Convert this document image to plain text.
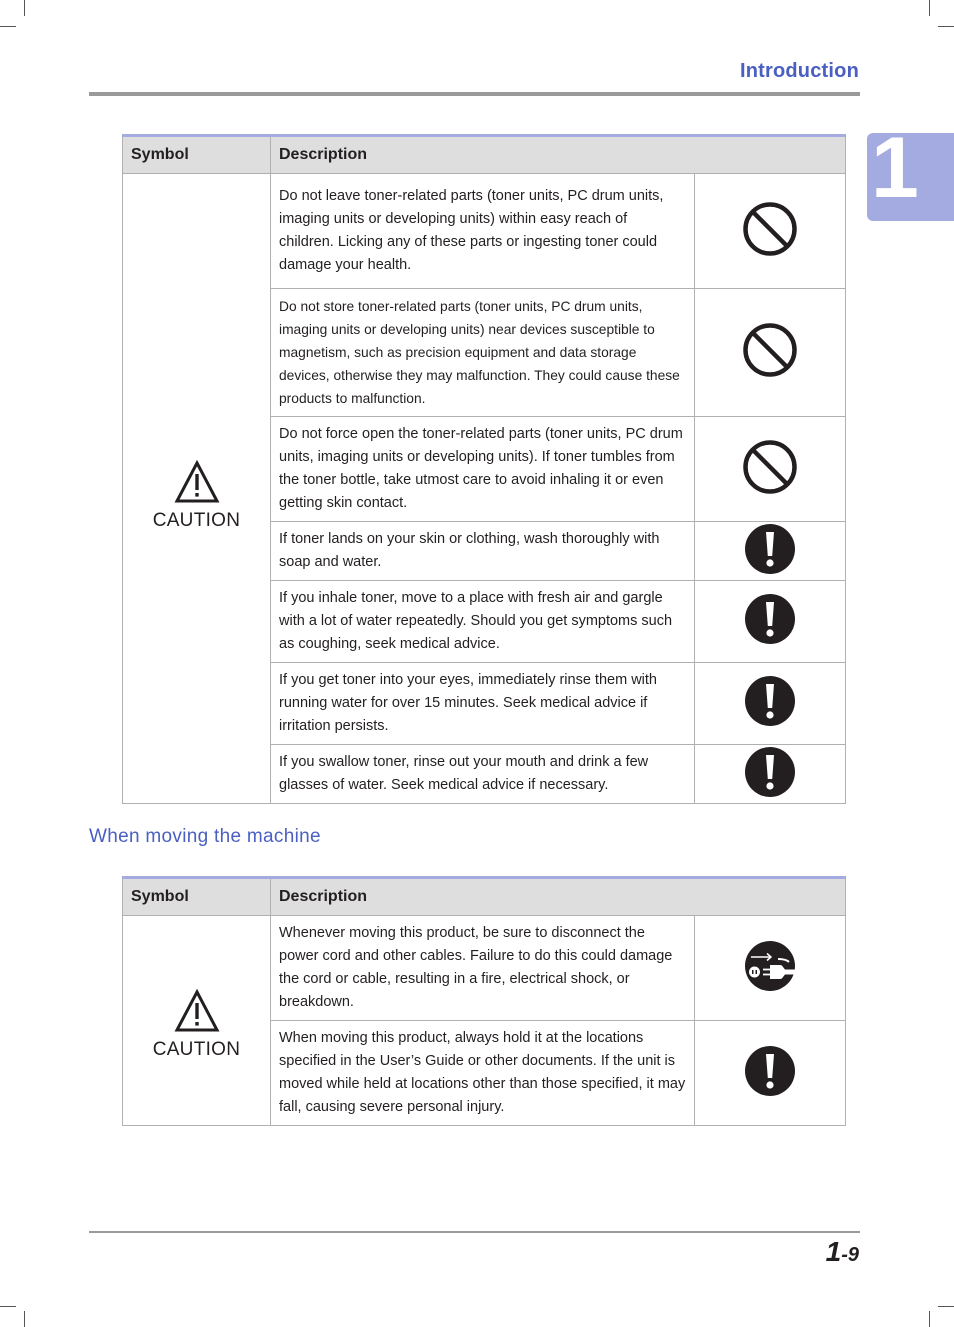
Introduction
1
Symbol	Description	

CAUTION	Do not leave toner-related parts (toner units, PC drum units, imaging units or developing units) within easy reach of children. Licking any of these parts or ingesting toner could damage your health.	
	Do not store toner-related parts (toner units, PC drum units, imaging units or developing units) near devices susceptible to magnetism, such as precision equipment and data storage devices, otherwise they may malfunction. They could cause these products to malfunction.	
	Do not force open the toner-related parts (toner units, PC drum units, imaging units or developing units). If toner tumbles from the toner bottle, take utmost care to avoid inhaling it or even getting skin contact.	
	If toner lands on your skin or clothing, wash thoroughly with soap and water.	
	If you inhale toner, move to a place with fresh air and gargle with a lot of water repeatedly. Should you get symptoms such as coughing, seek medical advice.	
	If you get toner into your eyes, immediately rinse them with running water for over 15 minutes. Seek medical advice if irritation persists.	
	If you swallow toner, rinse out your mouth and drink a few glasses of water. Seek medical advice if necessary.	
When moving the machine
Symbol	Description	

CAUTION	Whenever moving this product, be sure to disconnect the power cord and other cables. Failure to do this could damage the cord or cable, resulting in a fire, electrical shock, or breakdown.	
	When moving this product, always hold it at the locations specified in the User’s Guide or other documents. If the unit is moved while held at locations other than those specified, it may fall, causing severe personal injury.	
1-9
